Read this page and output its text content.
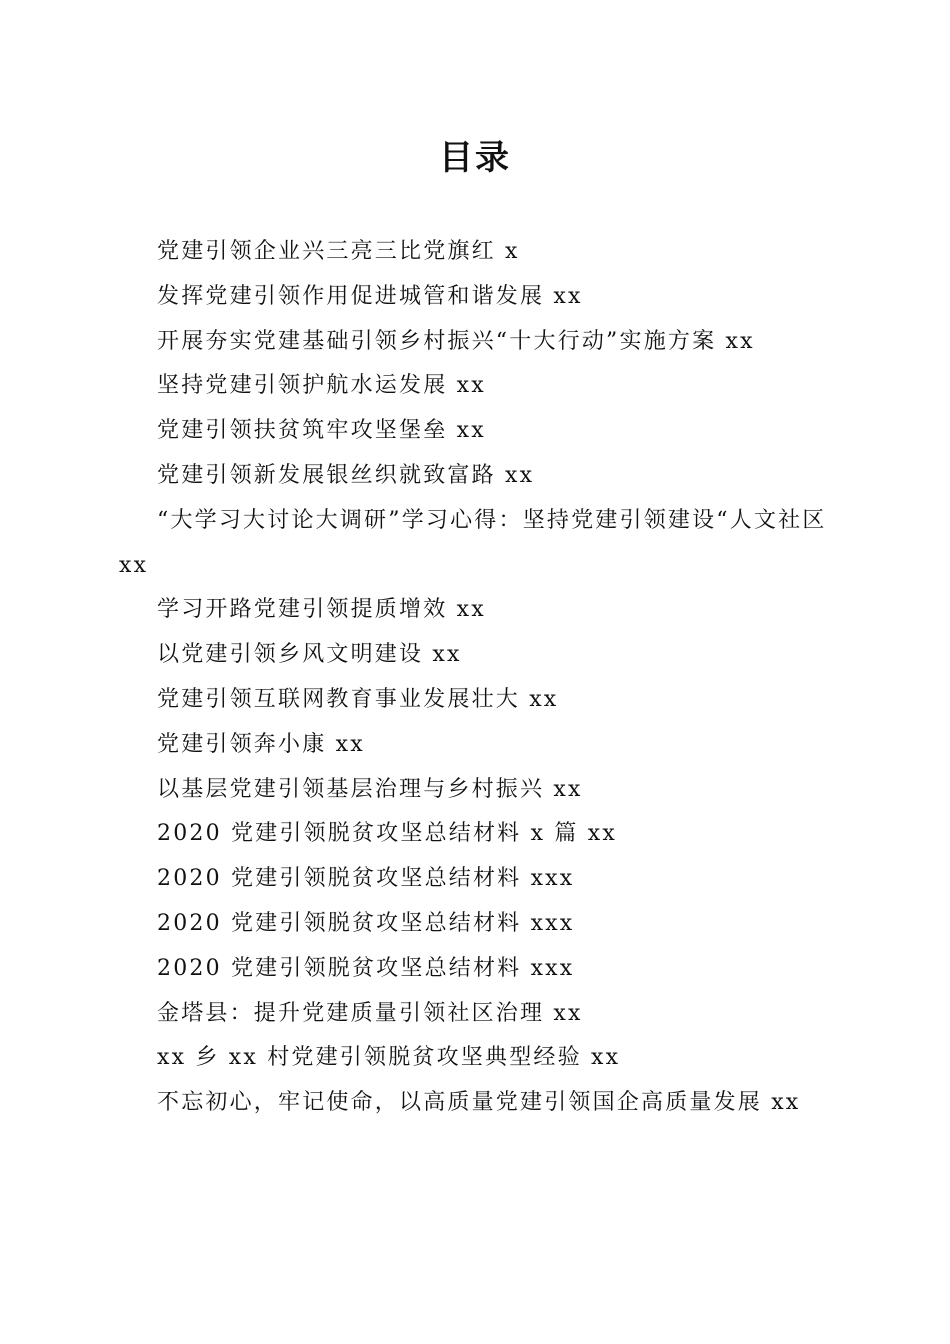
目录

党建引领企业兴三亮三比党旗红 x

发挥党建引领作用促进城管和谐发展 xx

开展夯实党建基础引领乡村振兴“十大行动”实施方案 xx

坚持党建引领护航水运发展 xx

党建引领扶贫筑牢攻坚堡垒 xx

党建引领新发展银丝织就致富路 xx

“大学习大讨论大调研”学习心得：坚持党建引领建设“人文社区 xx

学习开路党建引领提质增效 xx

以党建引领乡风文明建设 xx

党建引领互联网教育事业发展壮大 xx

党建引领奔小康 xx

以基层党建引领基层治理与乡村振兴 xx

2020 党建引领脱贫攻坚总结材料 x 篇 xx

2020 党建引领脱贫攻坚总结材料 xxx

2020 党建引领脱贫攻坚总结材料 xxx

2020 党建引领脱贫攻坚总结材料 xxx

金塔县：提升党建质量引领社区治理 xx

xx 乡 xx 村党建引领脱贫攻坚典型经验 xx

不忘初心，牢记使命，以高质量党建引领国企高质量发展 xx
